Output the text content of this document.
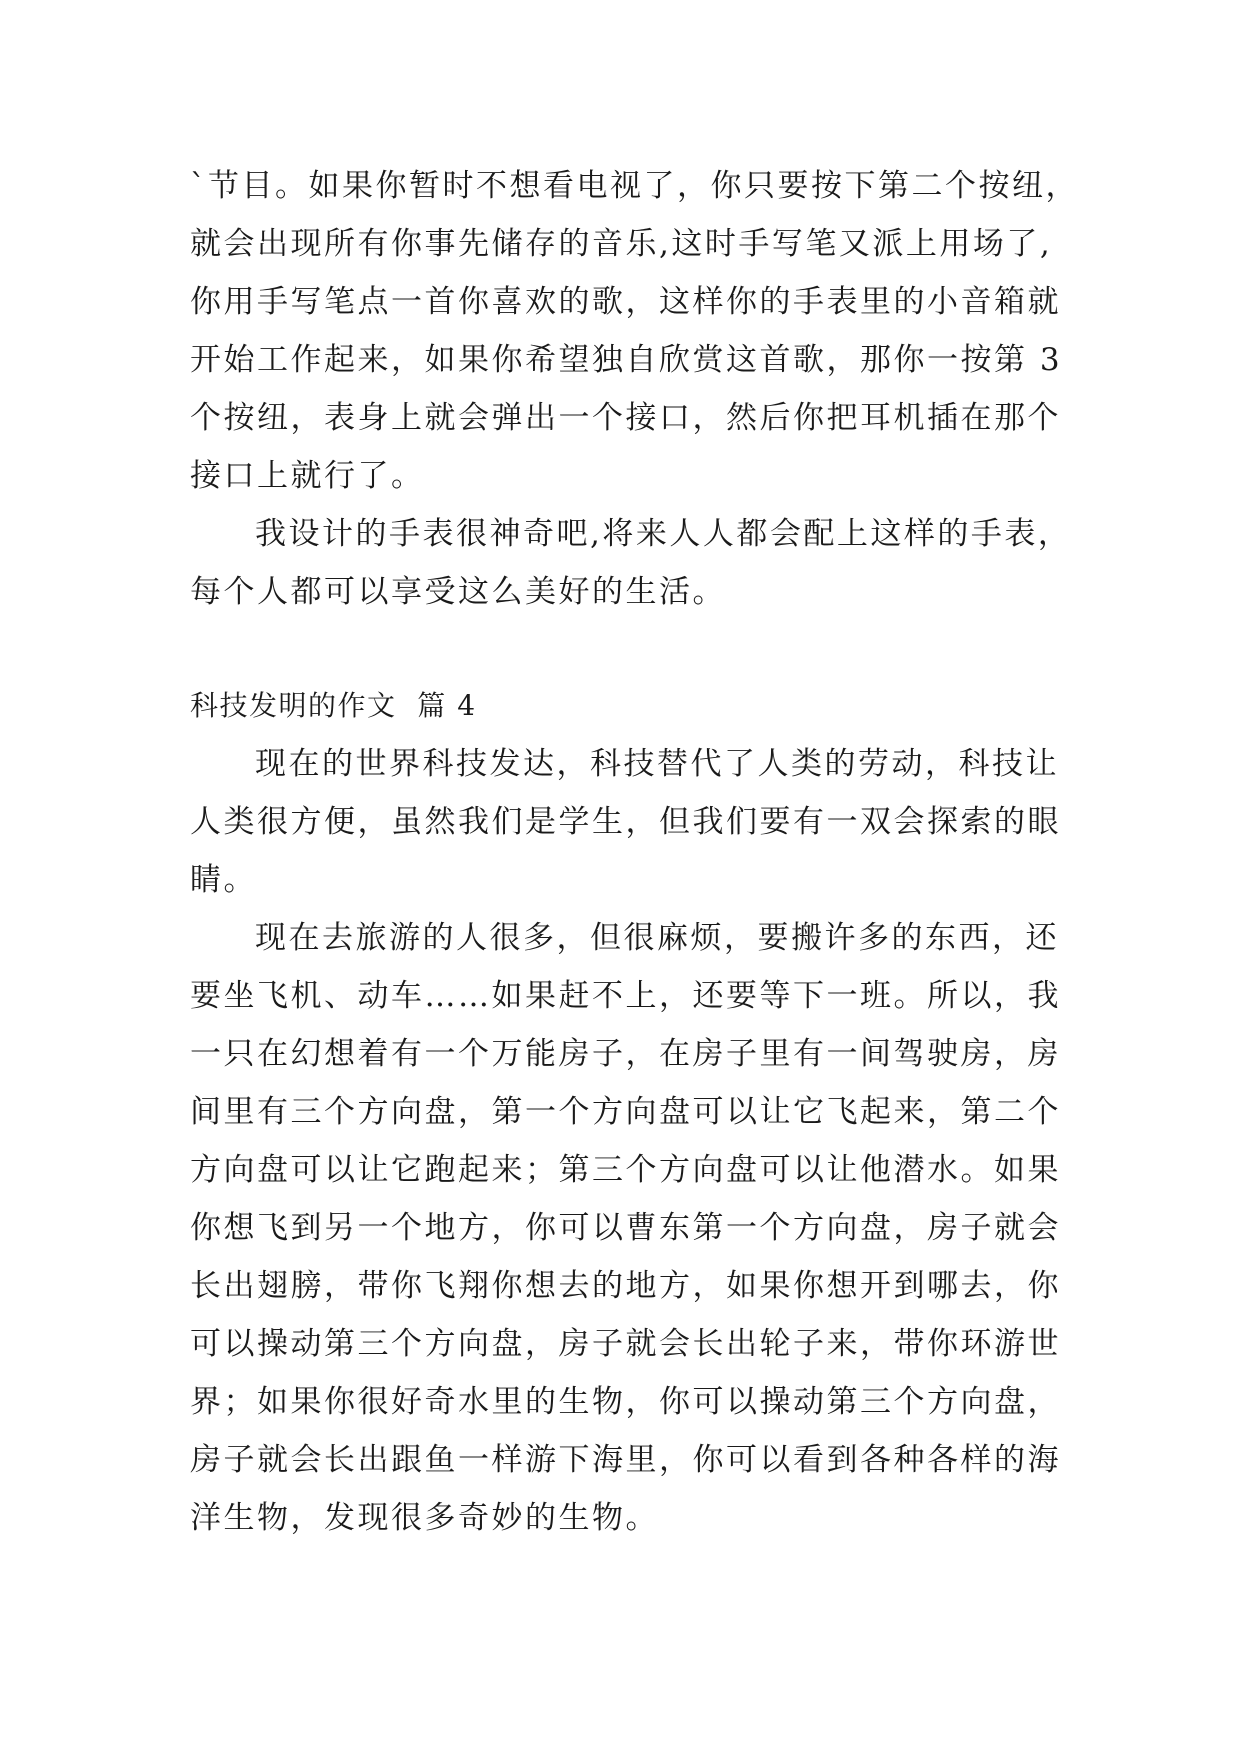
`节目。如果你暂时不想看电视了，你只要按下第二个按纽，
就会出现所有你事先储存的音乐,这时手写笔又派上用场了,
你用手写笔点一首你喜欢的歌，这样你的手表里的小音箱就
开始工作起来，如果你希望独自欣赏这首歌，那你一按第 3
个按纽，表身上就会弹出一个接口，然后你把耳机插在那个
接口上就行了。
我设计的手表很神奇吧,将来人人都会配上这样的手表，
每个人都可以享受这么美好的生活。
科技发明的作文  篇 4
现在的世界科技发达，科技替代了人类的劳动，科技让
人类很方便，虽然我们是学生，但我们要有一双会探索的眼
睛。
现在去旅游的人很多，但很麻烦，要搬许多的东西，还
要坐飞机、动车……如果赶不上，还要等下一班。所以，我
一只在幻想着有一个万能房子，在房子里有一间驾驶房，房
间里有三个方向盘，第一个方向盘可以让它飞起来，第二个
方向盘可以让它跑起来；第三个方向盘可以让他潜水。如果
你想飞到另一个地方，你可以曹东第一个方向盘，房子就会
长出翅膀，带你飞翔你想去的地方，如果你想开到哪去，你
可以操动第三个方向盘，房子就会长出轮子来，带你环游世
界；如果你很好奇水里的生物，你可以操动第三个方向盘，
房子就会长出跟鱼一样游下海里，你可以看到各种各样的海
洋生物，发现很多奇妙的生物。
